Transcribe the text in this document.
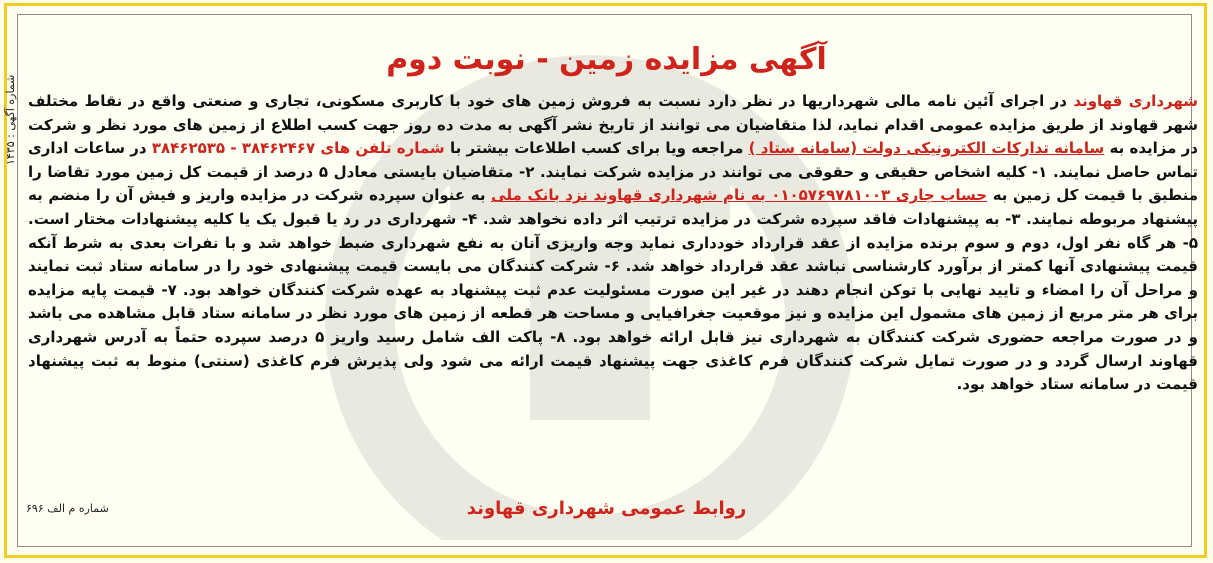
شماره آگهی : ۱۴۳۵
آگهی مزایده زمین - نوبت دوم
شهرداری قهاوند در اجرای آئین نامه مالی شهرداریها در نظر دارد نسبت به فروش زمین های خود با کاربری مسکونی، تجاری و صنعتی واقع در نقاط مختلف شهر قهاوند از طریق مزایده عمومی اقدام نماید، لذا متقاضیان می توانند از تاریخ نشر آگهی به مدت ده روز جهت کسب اطلاع از زمین های مورد نظر و شرکت در مزایده به سامانه تدارکات الکترونیکی دولت (سامانه ستاد ) مراجعه ویا برای کسب اطلاعات بیشتر با شماره تلفن های ۳۸۴۶۲۴۶۷ - ۳۸۴۶۲۵۳۵ در ساعات اداری تماس حاصل نمایند. ۱- کلیه اشخاص حقیقی و حقوقی می توانند در مزایده شرکت نمایند. ۲- متقاضیان بایستی معادل ۵ درصد از قیمت کل زمین مورد تقاضا را منطبق با قیمت کل زمین به حساب جاری ۰۱۰۵۷۶۹۷۸۱۰۰۳ به نام شهرداری قهاوند نزد بانک ملی به عنوان سپرده شرکت در مزایده واریز و فیش آن را منضم به پیشنهاد مربوطه نمایند. ۳- به پیشنهادات فاقد سپرده شرکت در مزایده ترتیب اثر داده نخواهد شد. ۴- شهرداری در رد یا قبول یک یا کلیه پیشنهادات مختار است. ۵- هر گاه نفر اول، دوم و سوم برنده مزایده از عقد قرارداد خودداری نماید وجه واریزی آنان به نفع شهرداری ضبط خواهد شد و با نفرات بعدی به شرط آنکه قیمت پیشنهادی آنها کمتر از برآورد کارشناسی نباشد عقد قرارداد خواهد شد. ۶- شرکت کنندگان می بایست قیمت پیشنهادی خود را در سامانه ستاد ثبت نمایند و مراحل آن را امضاء و تایید نهایی با توکن انجام دهند در غیر این صورت مسئولیت عدم ثبت پیشنهاد به عهده شرکت کنندگان خواهد بود. ۷- قیمت پایه مزایده برای هر متر مربع از زمین های مشمول این مزایده و نیز موقعیت جغرافیایی و مساحت هر قطعه از زمین های مورد نظر در سامانه ستاد قابل مشاهده می باشد و در صورت مراجعه حضوری شرکت کنندگان به شهرداری نیز قابل ارائه خواهد بود. ۸- پاکت الف شامل رسید واریز ۵ درصد سپرده حتماً به آدرس شهرداری قهاوند ارسال گردد و در صورت تمایل شرکت کنندگان فرم کاغذی جهت پیشنهاد قیمت ارائه می شود ولی پذیرش فرم کاغذی (سنتی) منوط به ثبت پیشنهاد قیمت در سامانه ستاد خواهد بود.
روابط عمومی شهرداری قهاوند
شماره م الف ۶۹۶
